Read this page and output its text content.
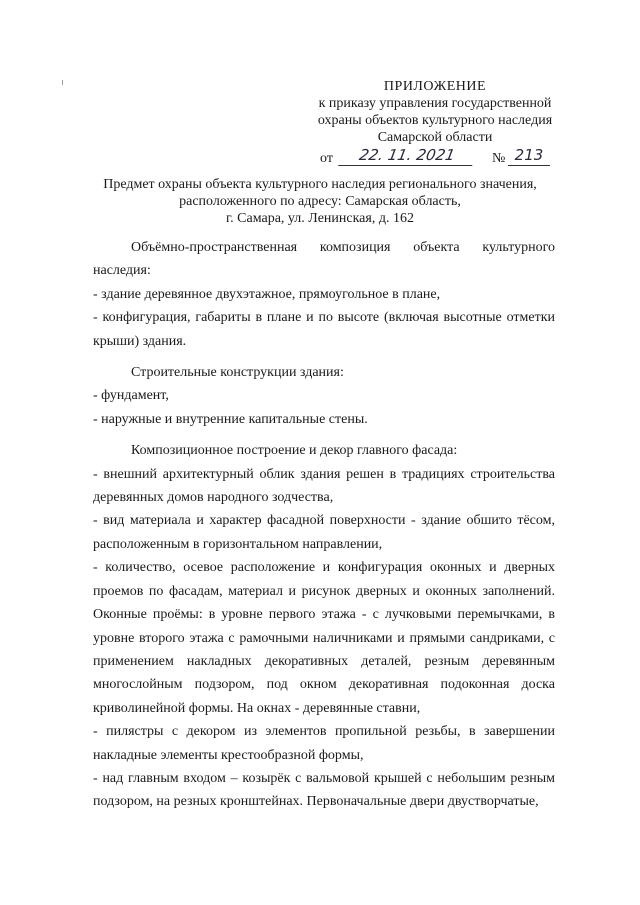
ПРИЛОЖЕНИЕ
к приказу управления государственной
охраны объектов культурного наследия
Самарской области
от	22. 11. 2021	№ 213
Предмет охраны объекта культурного наследия регионального значения,
расположенного по адресу: Самарская область,
г. Самара, ул. Ленинская, д. 162

Объёмно-пространственная композиция объекта культурного наследия:

- здание деревянное двухэтажное, прямоугольное в плане,

- конфигурация, габариты в плане и по высоте (включая высотные отметки крыши) здания.

Строительные конструкции здания:

- фундамент,

- наружные и внутренние капитальные стены.

Композиционное построение и декор главного фасада:

- внешний архитектурный облик здания решен в традициях строительства деревянных домов народного зодчества,

- вид материала и характер фасадной поверхности - здание обшито тёсом, расположенным в горизонтальном направлении,

- количество, осевое расположение и конфигурация оконных и дверных проемов по фасадам, материал и рисунок дверных и оконных заполнений. Оконные проёмы: в уровне первого этажа - с лучковыми перемычками, в уровне второго этажа с рамочными наличниками и прямыми сандриками, с применением накладных декоративных деталей, резным деревянным многослойным подзором, под окном декоративная подоконная доска криволинейной формы. На окнах - деревянные ставни,

- пилястры с декором из элементов пропильной резьбы, в завершении накладные элементы крестообразной формы,

- над главным входом – козырёк с вальмовой крышей с небольшим резным подзором, на резных кронштейнах. Первоначальные двери двустворчатые,
